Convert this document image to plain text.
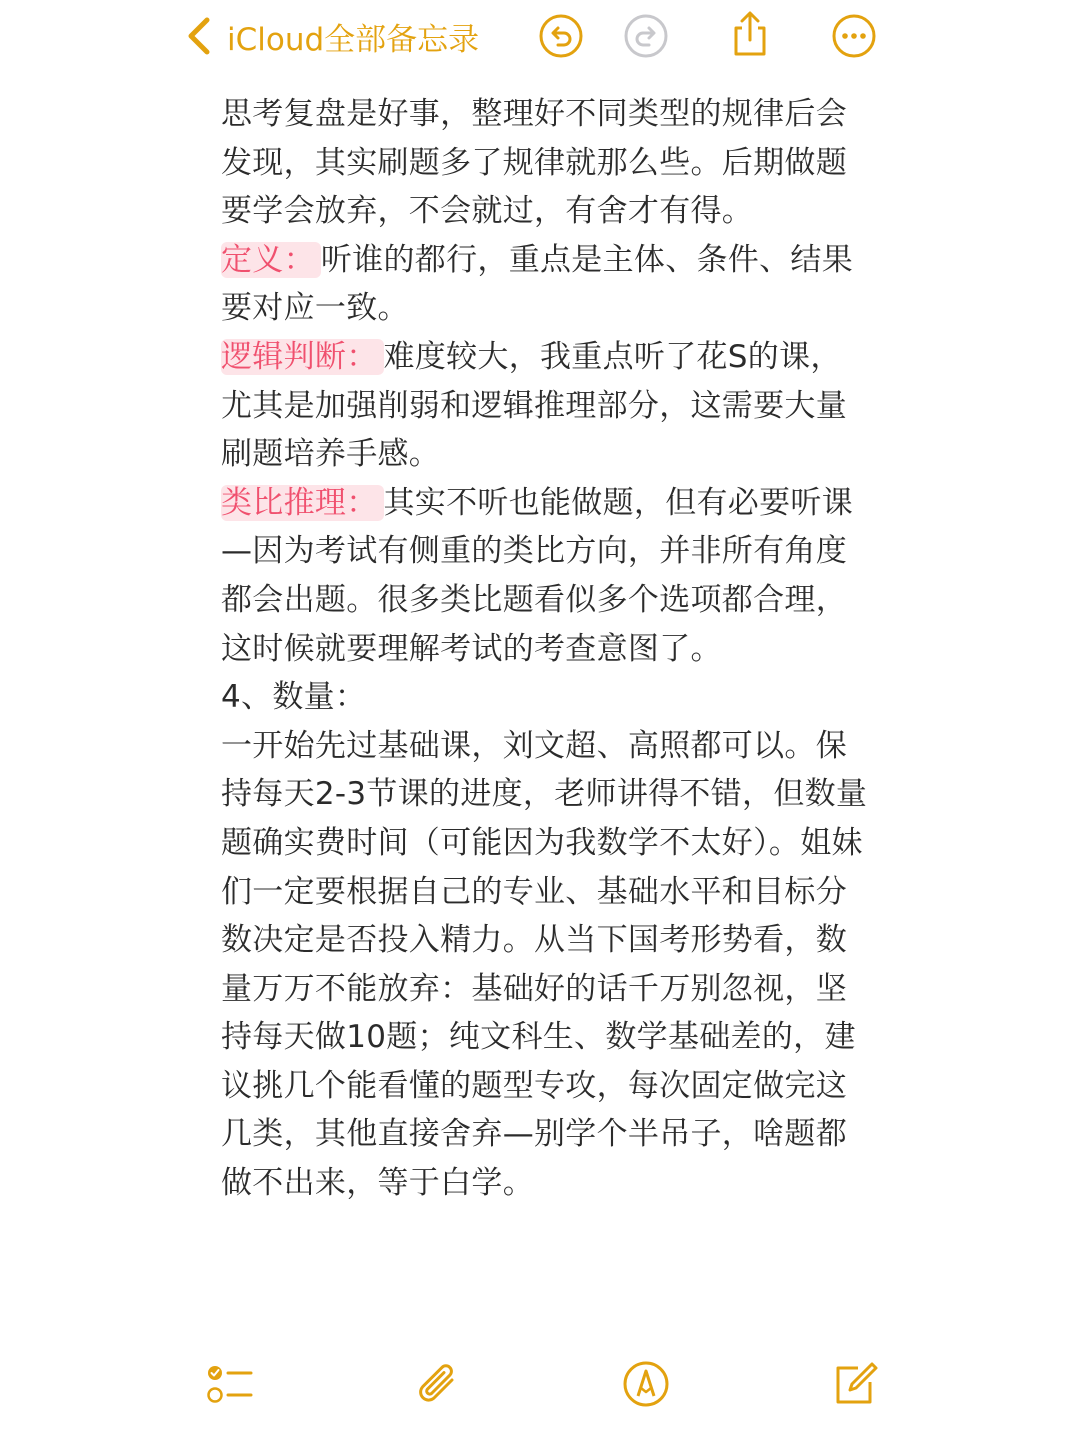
iCloud全部备忘录

思考复盘是好事，整理好不同类型的规律后会发现，其实刷题多了规律就那么些。后期做题要学会放弃，不会就过，有舍才有得。

定义： 听谁的都行，重点是主体、条件、结果要对应一致。

逻辑判断： 难度较大，我重点听了花S的课，尤其是加强削弱和逻辑推理部分，这需要大量刷题培养手感。

类比推理： 其实不听也能做题，但有必要听课—因为考试有侧重的类比方向，并非所有角度都会出题。很多类比题看似多个选项都合理，这时候就要理解考试的考查意图了。

4、数量：

一开始先过基础课，刘文超、高照都可以。保持每天2-3节课的进度，老师讲得不错，但数量题确实费时间（可能因为我数学不太好）。姐妹们一定要根据自己的专业、基础水平和目标分数决定是否投入精力。从当下国考形势看，数量万万不能放弃：基础好的话千万别忽视，坚持每天做10题；纯文科生、数学基础差的，建议挑几个能看懂的题型专攻，每次固定做完这几类，其他直接舍弃—别学个半吊子，啥题都做不出来，等于白学。
